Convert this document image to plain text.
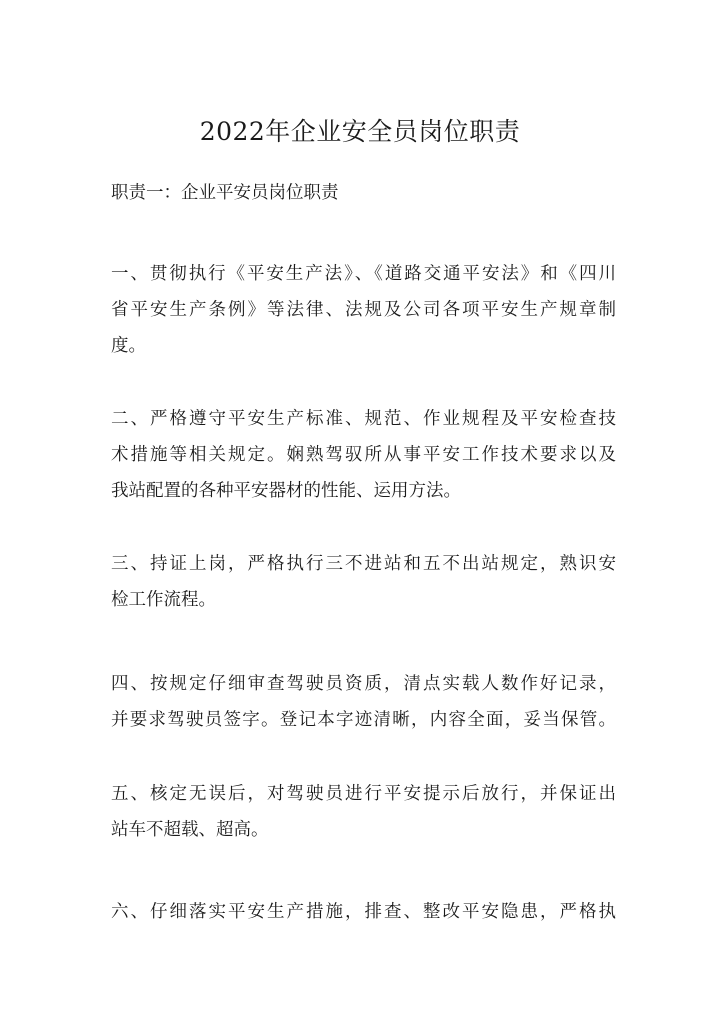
2022年企业安全员岗位职责

职责一：企业平安员岗位职责

一、贯彻执行《平安生产法》、《道路交通平安法》和《四川
省平安生产条例》等法律、法规及公司各项平安生产规章制
度。
二、严格遵守平安生产标准、规范、作业规程及平安检查技
术措施等相关规定。娴熟驾驭所从事平安工作技术要求以及
我站配置的各种平安器材的性能、运用方法。
三、持证上岗，严格执行三不进站和五不出站规定，熟识安
检工作流程。
四、按规定仔细审查驾驶员资质，清点实载人数作好记录，
并要求驾驶员签字。登记本字迹清晰，内容全面，妥当保管。
五、核定无误后，对驾驶员进行平安提示后放行，并保证出
站车不超载、超高。
六、仔细落实平安生产措施，排查、整改平安隐患，严格执
